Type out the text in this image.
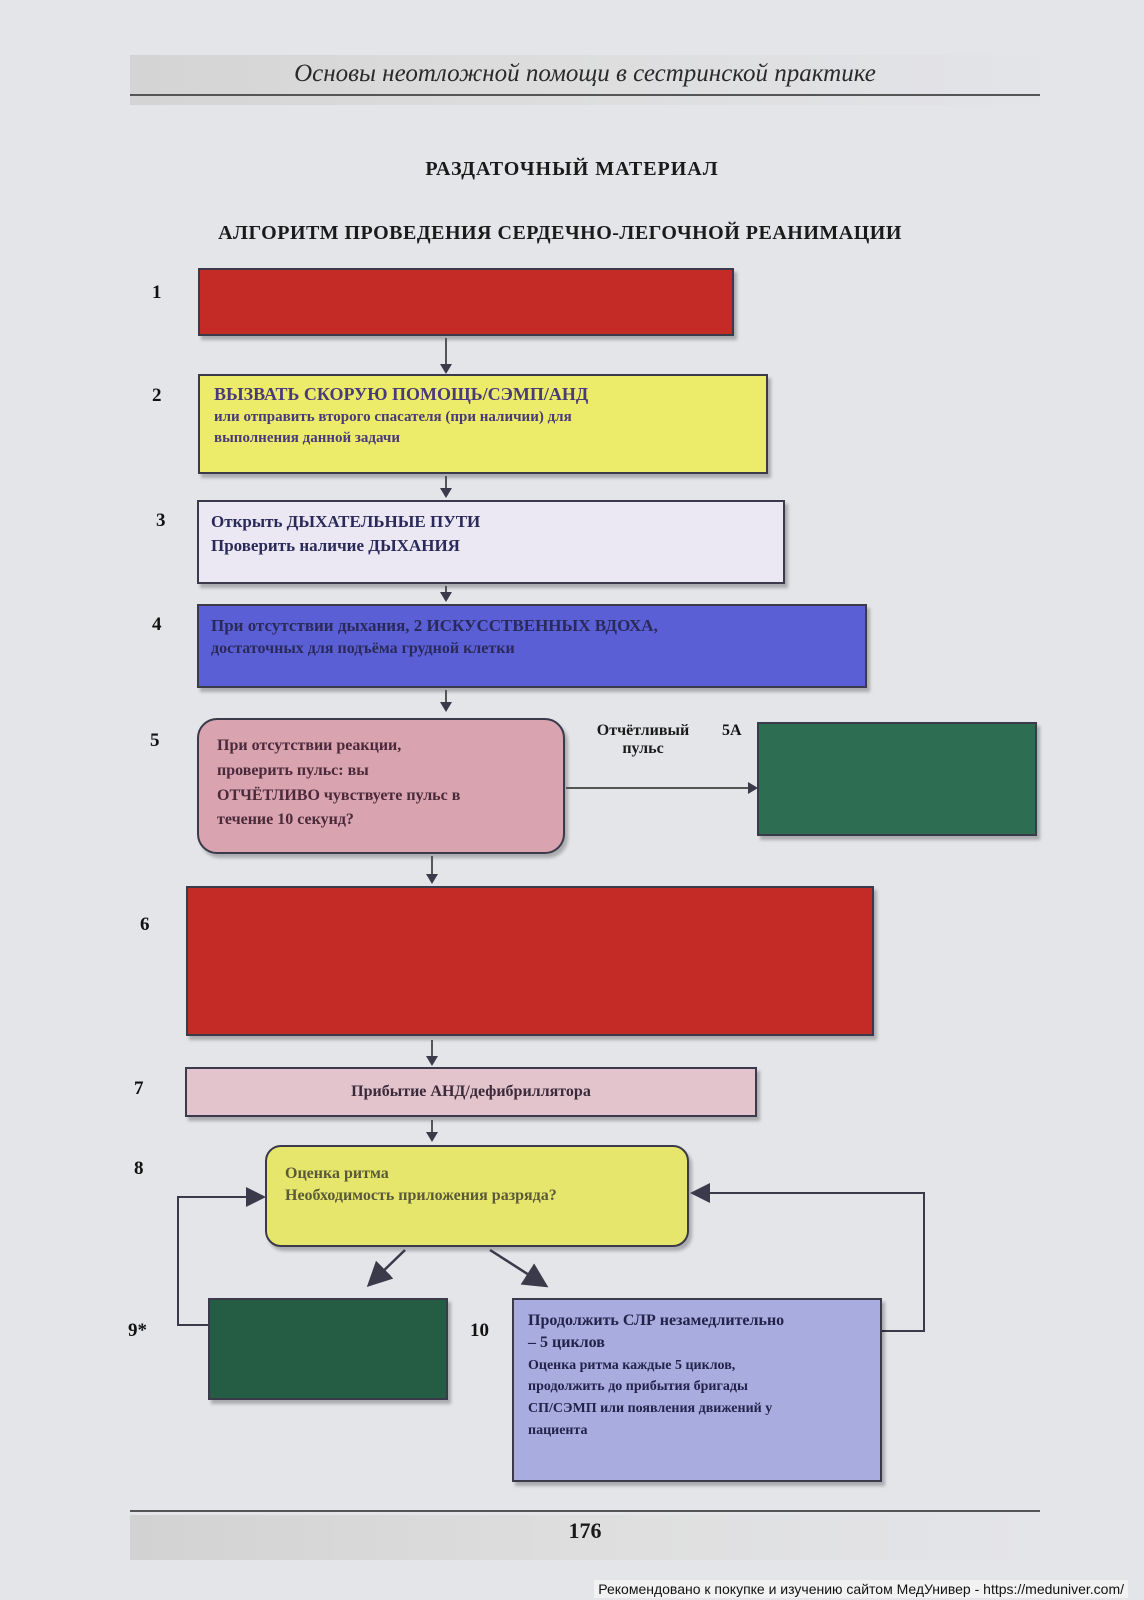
Основы неотложной помощи в сестринской практике
РАЗДАТОЧНЫЙ МАТЕРИАЛ
АЛГОРИТМ ПРОВЕДЕНИЯ СЕРДЕЧНО-ЛЕГОЧНОЙ РЕАНИМАЦИИ
1
2	ВЫЗВАТЬ СКОРУЮ ПОМОЩЬ/СЭМП/АНД
или отправить второго спасателя (при наличии) для
выполнения данной задачи
3	Открыть ДЫХАТЕЛЬНЫЕ ПУТИ
Проверить наличие ДЫХАНИЯ
4	При отсутствии дыхания, 2 ИСКУССТВЕННЫХ ВДОХА,
достаточных для подъёма грудной клетки
5	При отсутствии реакции,
проверить пульс: вы
ОТЧЁТЛИВО чувствуете пульс в
течение 10 секунд?
Отчётливый
пульс
5А
6
7	Прибытие АНД/дефибриллятора
8	Оценка ритма
Необходимость приложения разряда?
9*	10 Продолжить СЛР незамедлительно
– 5 циклов
Оценка ритма каждые 5 циклов,
продолжить до прибытия бригады
СП/СЭМП или появления движений у
пациента
176
Рекомендовано к покупке и изучению сайтом МедУнивер - https://meduniver.com/
